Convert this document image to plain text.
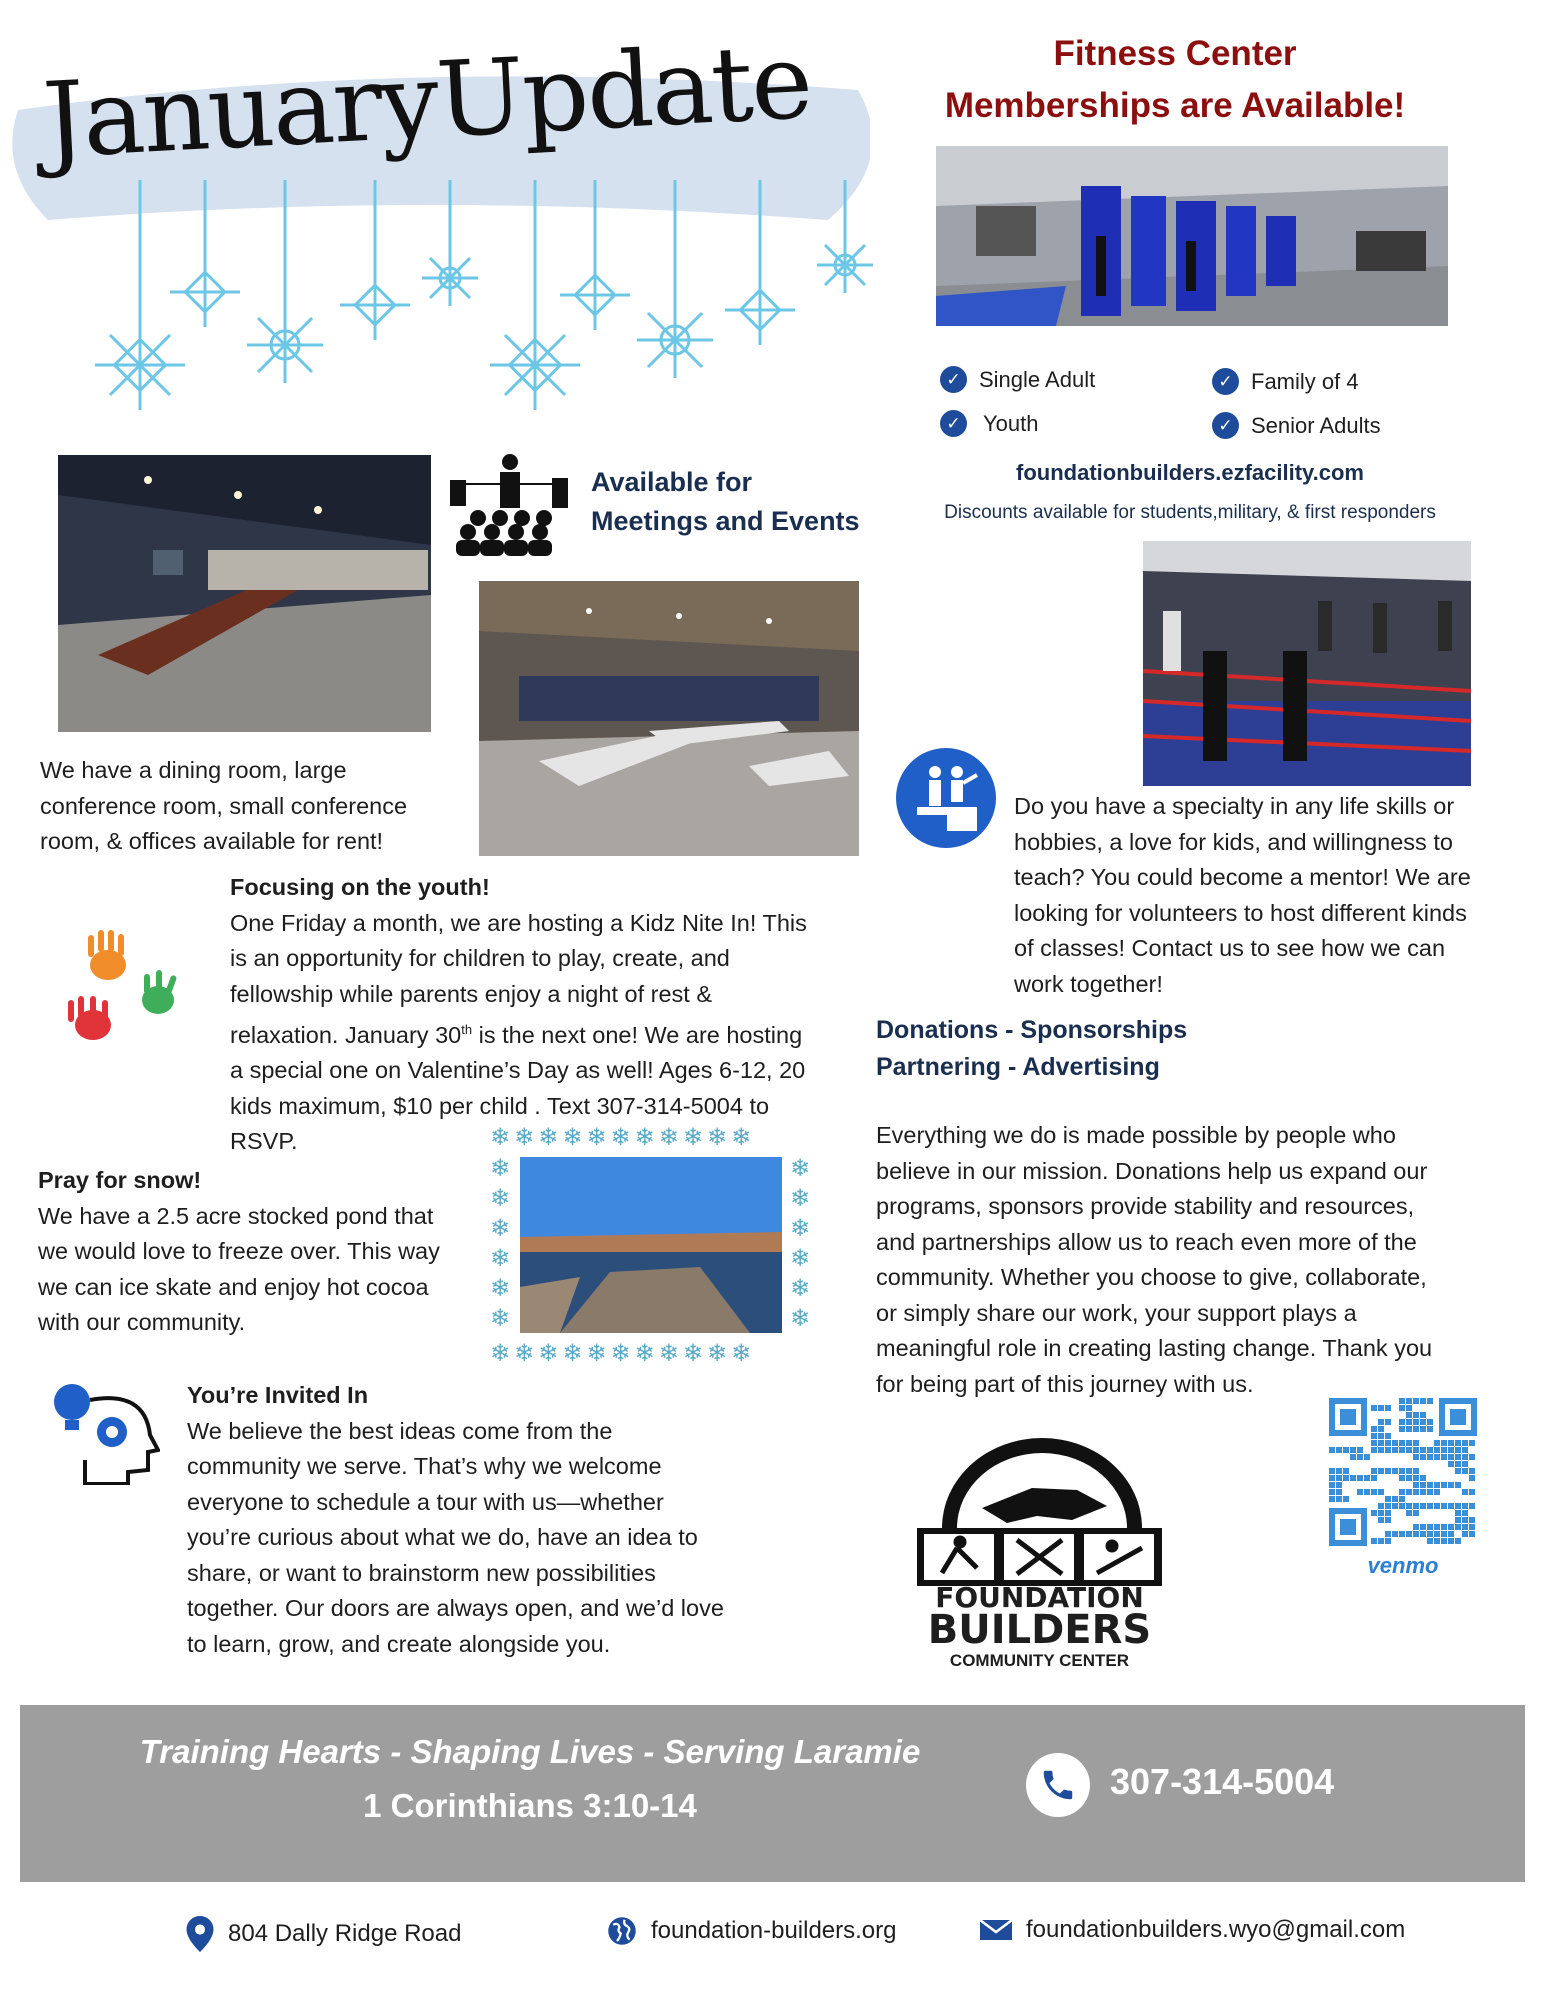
JanuaryUpdate	Fitness Center
Memberships are Available!
✓ Single Adult	✓ Family of 4
✓ Youth	✓ Senior Adults
foundationbuilders.ezfacility.com
Discounts available for students,military, & first responders
Available for
Meetings and Events
We have a dining room, large
conference room, small conference
room, & offices available for rent!
Do you have a specialty in any life skills or
hobbies, a love for kids, and willingness to
teach? You could become a mentor! We are
looking for volunteers to host different kinds
of classes! Contact us to see how we can
work together!
Focusing on the youth!
One Friday a month, we are hosting a Kidz Nite In! This
is an opportunity for children to play, create, and
fellowship while parents enjoy a night of rest &
relaxation. January 30th is the next one! We are hosting
a special one on Valentine’s Day as well! Ages 6-12, 20
kids maximum, $10 per child . Text 307-314-5004 to
RSVP.
Donations - Sponsorships
Partnering - Advertising
Everything we do is made possible by people who
believe in our mission. Donations help us expand our
programs, sponsors provide stability and resources,
and partnerships allow us to reach even more of the
community. Whether you choose to give, collaborate,
or simply share our work, your support plays a
meaningful role in creating lasting change. Thank you
for being part of this journey with us.
Pray for snow!
We have a 2.5 acre stocked pond that
we would love to freeze over. This way
we can ice skate and enjoy hot cocoa
with our community.
❄❄❄❄❄❄❄❄❄❄❄
❄❄❄❄❄❄❄❄❄❄❄
❄
❄
❄
❄
❄
❄
❄
❄
❄
❄
❄
❄
You’re Invited In
We believe the best ideas come from the
community we serve. That’s why we welcome
everyone to schedule a tour with us—whether
you’re curious about what we do, have an idea to
share, or want to brainstorm new possibilities
together. Our doors are always open, and we’d love
to learn, grow, and create alongside you.
FOUNDATION
BUILDERS
COMMUNITY CENTER
venmo
Training Hearts - Shaping Lives - Serving Laramie
1 Corinthians 3:10-14
307-314-5004
804 Dally Ridge Road	foundation-builders.org	foundationbuilders.wyo@gmail.com
